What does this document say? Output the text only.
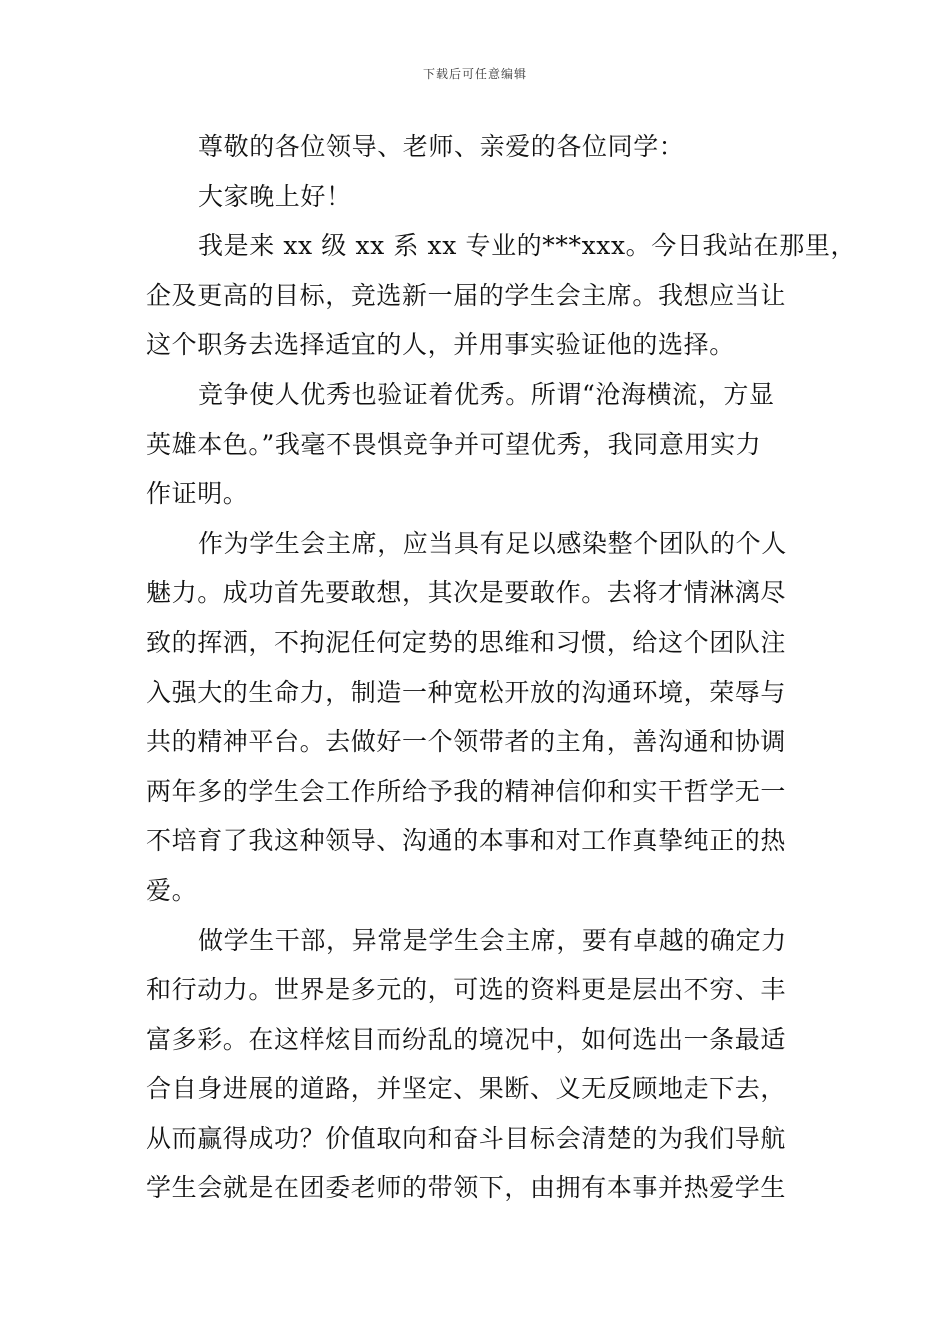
下载后可任意编辑
尊敬的各位领导、老师、亲爱的各位同学：
大家晚上好！
我是来 xx 级 xx 系 xx 专业的***xxx。今日我站在那里，
企及更高的目标，竞选新一届的学生会主席。我想应当让
这个职务去选择适宜的人，并用事实验证他的选择。
竞争使人优秀也验证着优秀。所谓“沧海横流，方显
英雄本色。”我毫不畏惧竞争并可望优秀，我同意用实力
作证明。
作为学生会主席，应当具有足以感染整个团队的个人
魅力。成功首先要敢想，其次是要敢作。去将才情淋漓尽
致的挥洒，不拘泥任何定势的思维和习惯，给这个团队注
入强大的生命力，制造一种宽松开放的沟通环境，荣辱与
共的精神平台。去做好一个领带者的主角，善沟通和协调
两年多的学生会工作所给予我的精神信仰和实干哲学无一
不培育了我这种领导、沟通的本事和对工作真挚纯正的热
爱。
做学生干部，异常是学生会主席，要有卓越的确定力
和行动力。世界是多元的，可选的资料更是层出不穷、丰
富多彩。在这样炫目而纷乱的境况中，如何选出一条最适
合自身进展的道路，并坚定、果断、义无反顾地走下去，
从而赢得成功？价值取向和奋斗目标会清楚的为我们导航
学生会就是在团委老师的带领下，由拥有本事并热爱学生
